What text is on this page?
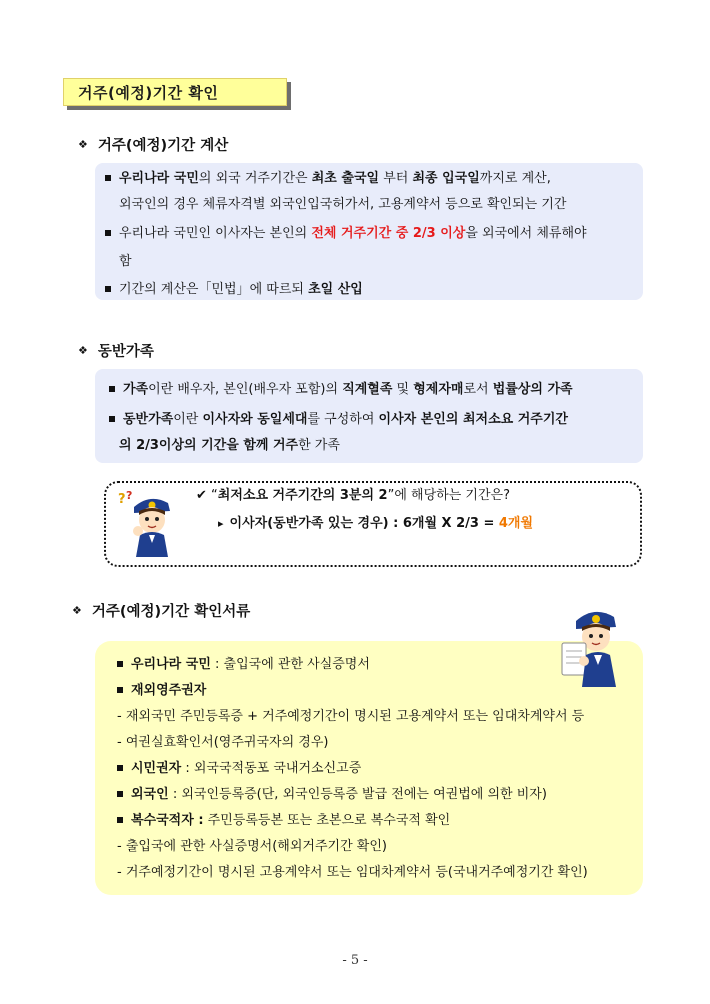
거주(예정)기간 확인
❖ 거주(예정)기간 계산
우리나라 국민의 외국 거주기간은 최초 출국일 부터 최종 입국일까지로 계산,
외국인의 경우 체류자격별 외국인입국허가서, 고용계약서 등으로 확인되는 기간
우리나라 국민인 이사자는 본인의 전체 거주기간 중 2/3 이상을 외국에서 체류해야
함
기간의 계산은「민법」에 따르되 초일 산입
❖ 동반가족
가족이란 배우자, 본인(배우자 포함)의 직계혈족 및 형제자매로서 법률상의 가족
동반가족이란 이사자와 동일세대를 구성하여 이사자 본인의 최저소요 거주기간
의 2/3이상의 기간을 함께 거주한 가족
? ?	✔ “최저소요 거주기간의 3분의 2”에 해당하는 기간은?
▸ 이사자(동반가족 있는 경우) : 6개월 X 2/3 = 4개월
❖ 거주(예정)기간 확인서류
우리나라 국민 : 출입국에 관한 사실증명서
재외영주권자
- 재외국민 주민등록증 + 거주예정기간이 명시된 고용계약서 또는 임대차계약서 등
- 여권실효확인서(영주귀국자의 경우)
시민권자 : 외국국적동포 국내거소신고증
외국인 : 외국인등록증(단, 외국인등록증 발급 전에는 여권법에 의한 비자)
복수국적자 : 주민등록등본 또는 초본으로 복수국적 확인
- 출입국에 관한 사실증명서(해외거주기간 확인)
- 거주예정기간이 명시된 고용계약서 또는 임대차계약서 등(국내거주예정기간 확인)
- 5 -
